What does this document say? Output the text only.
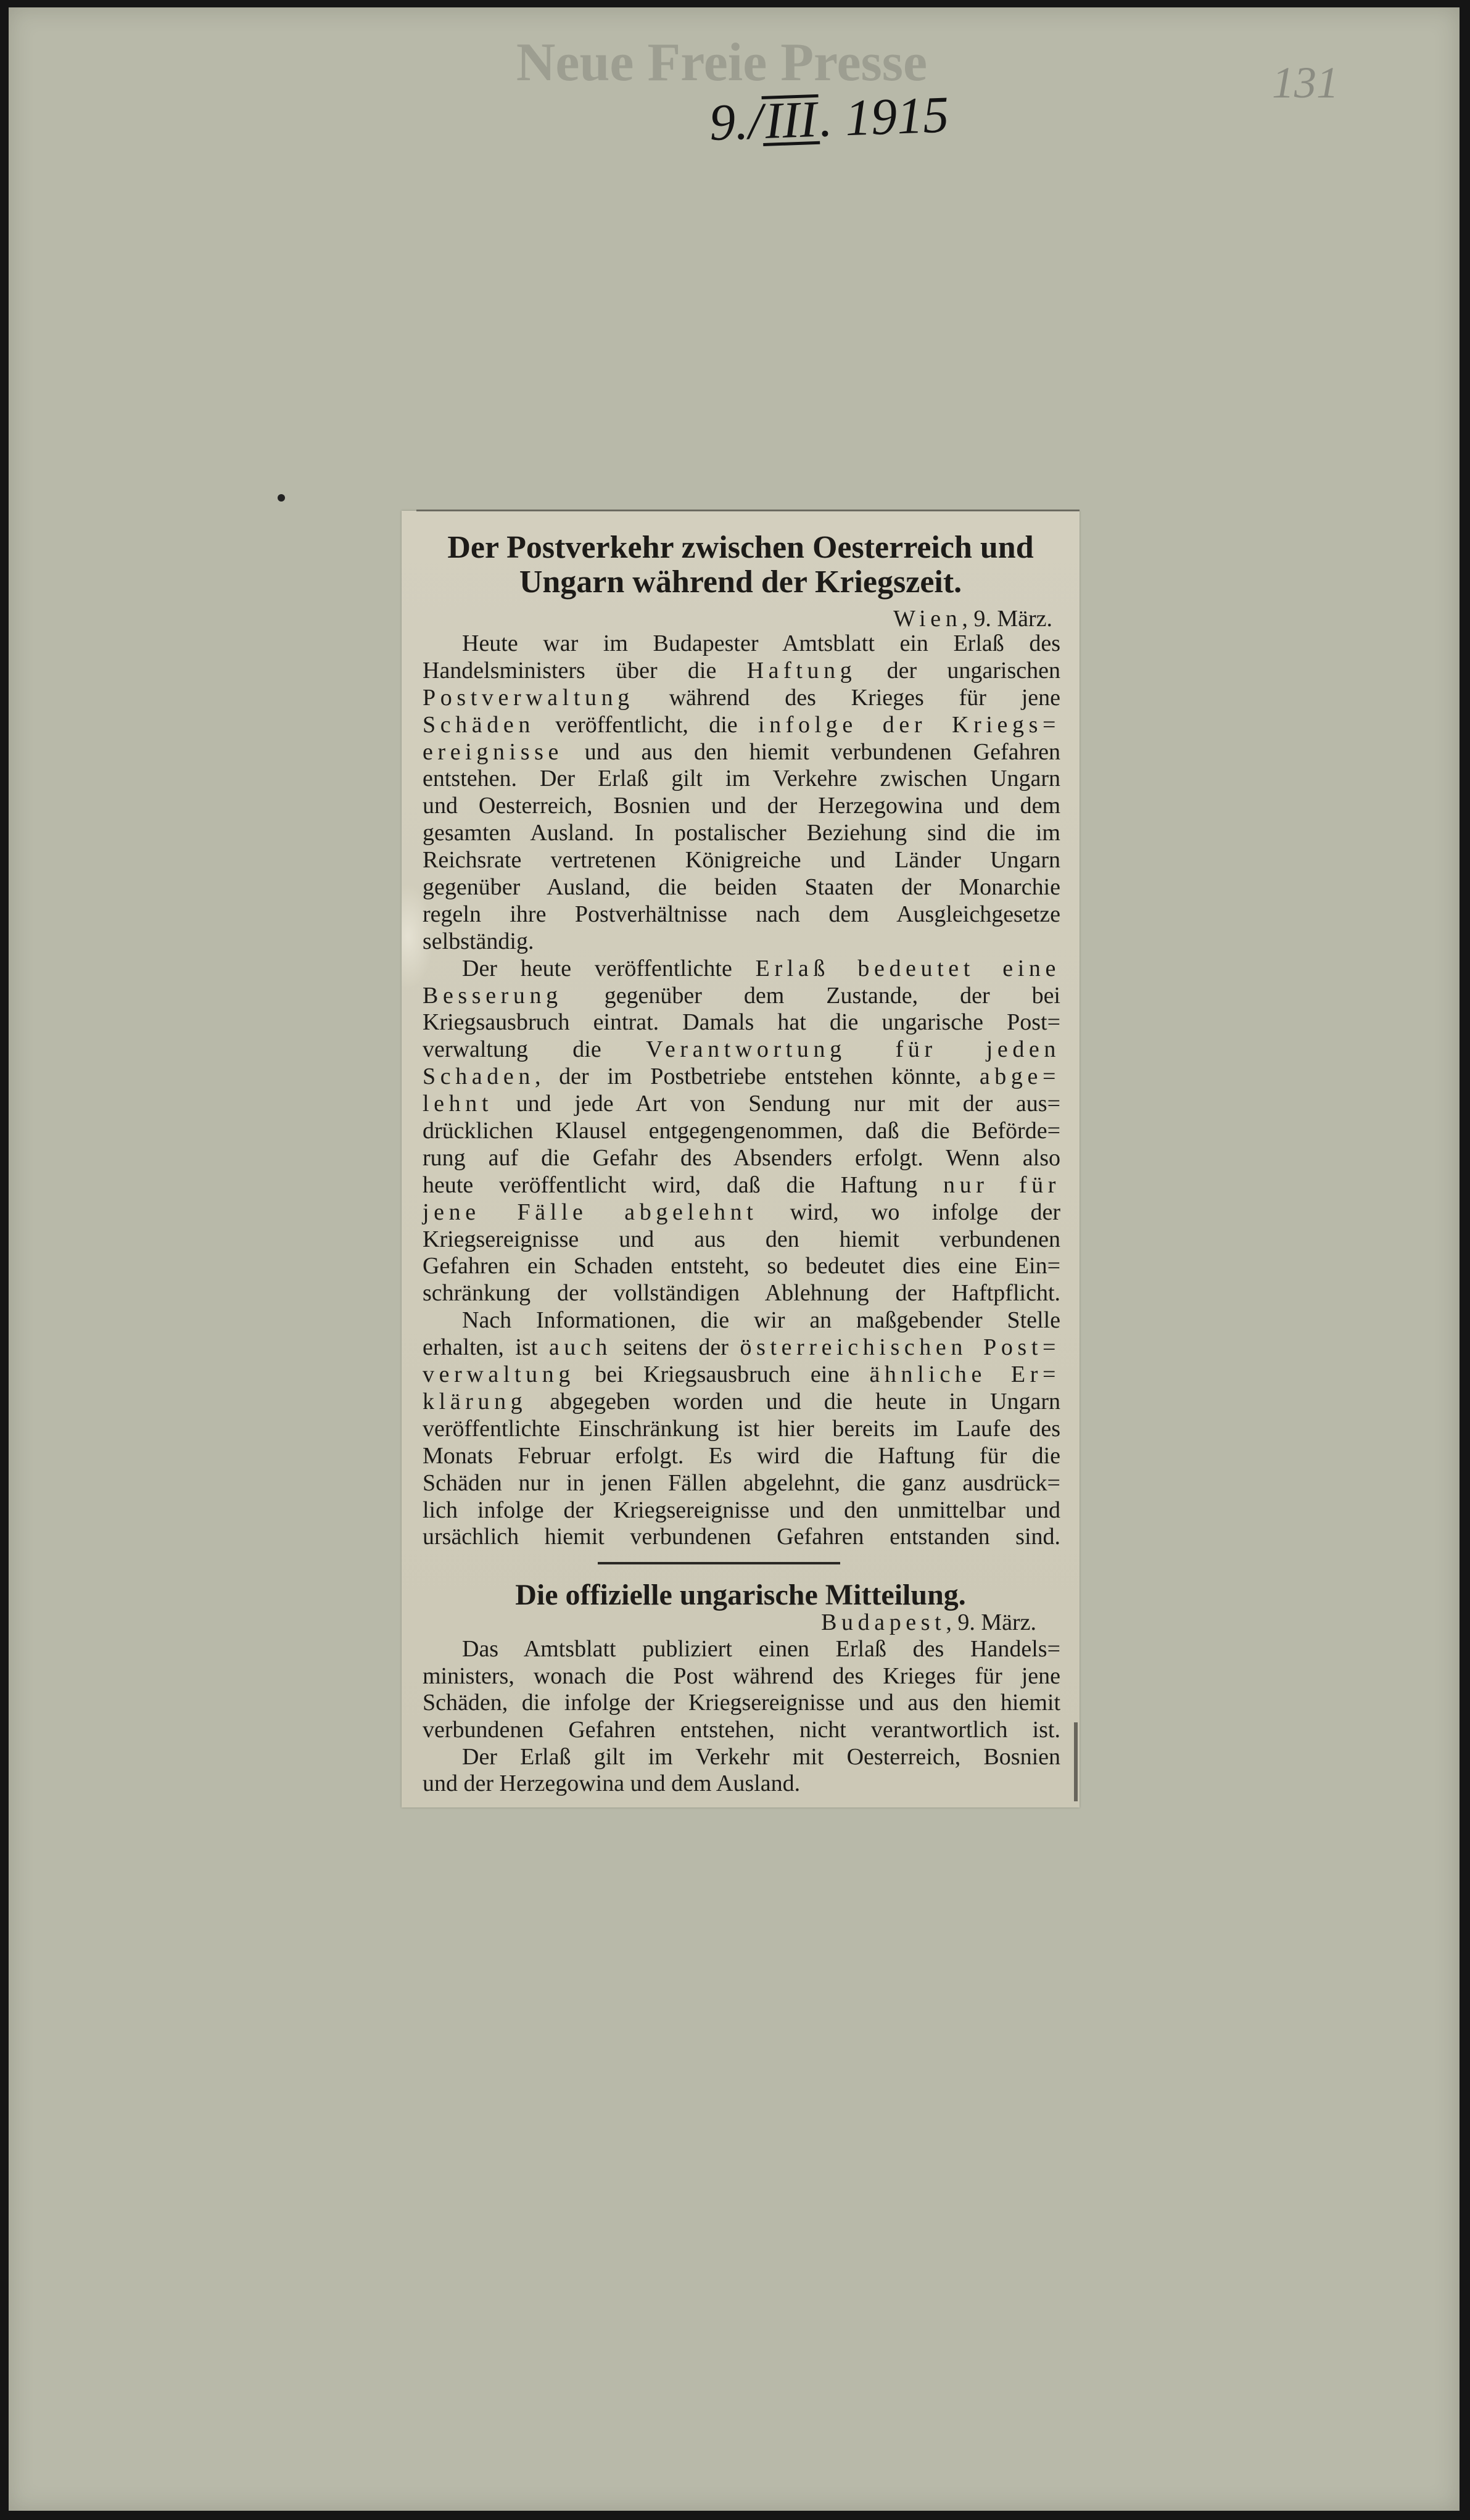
Neue Freie Presse
9./III. 1915
131
Der Postverkehr zwischen Oesterreich und
Ungarn während der Kriegszeit.
Wien, 9. März.
Heute war im Budapester Amtsblatt ein Erlaß des
Handelsministers über die Haftung der ungarischen
Postverwaltung während des Krieges für jene
Schäden veröffentlicht, die infolge der Kriegs=
ereignisse und aus den hiemit verbundenen Gefahren
entstehen. Der Erlaß gilt im Verkehre zwischen Ungarn
und Oesterreich, Bosnien und der Herzegowina und dem
gesamten Ausland. In postalischer Beziehung sind die im
Reichsrate vertretenen Königreiche und Länder Ungarn
gegenüber Ausland, die beiden Staaten der Monarchie
regeln ihre Postverhältnisse nach dem Ausgleichgesetze
selbständig.
Der heute veröffentlichte Erlaß bedeutet eine
Besserung gegenüber dem Zustande, der bei
Kriegsausbruch eintrat. Damals hat die ungarische Post=
verwaltung die Verantwortung für jeden
Schaden, der im Postbetriebe entstehen könnte, abge=
lehnt und jede Art von Sendung nur mit der aus=
drücklichen Klausel entgegengenommen, daß die Beförde=
rung auf die Gefahr des Absenders erfolgt. Wenn also
heute veröffentlicht wird, daß die Haftung nur für
jene Fälle abgelehnt wird, wo infolge der
Kriegsereignisse und aus den hiemit verbundenen
Gefahren ein Schaden entsteht, so bedeutet dies eine Ein=
schränkung der vollständigen Ablehnung der Haftpflicht.
Nach Informationen, die wir an maßgebender Stelle
erhalten, ist auch seitens der österreichischen Post=
verwaltung bei Kriegsausbruch eine ähnliche Er=
klärung abgegeben worden und die heute in Ungarn
veröffentlichte Einschränkung ist hier bereits im Laufe des
Monats Februar erfolgt. Es wird die Haftung für die
Schäden nur in jenen Fällen abgelehnt, die ganz ausdrück=
lich infolge der Kriegsereignisse und den unmittelbar und
ursächlich hiemit verbundenen Gefahren entstanden sind.
Die offizielle ungarische Mitteilung.
Budapest, 9. März.
Das Amtsblatt publiziert einen Erlaß des Handels=
ministers, wonach die Post während des Krieges für jene
Schäden, die infolge der Kriegsereignisse und aus den hiemit
verbundenen Gefahren entstehen, nicht verantwortlich ist.
Der Erlaß gilt im Verkehr mit Oesterreich, Bosnien
und der Herzegowina und dem Ausland.
